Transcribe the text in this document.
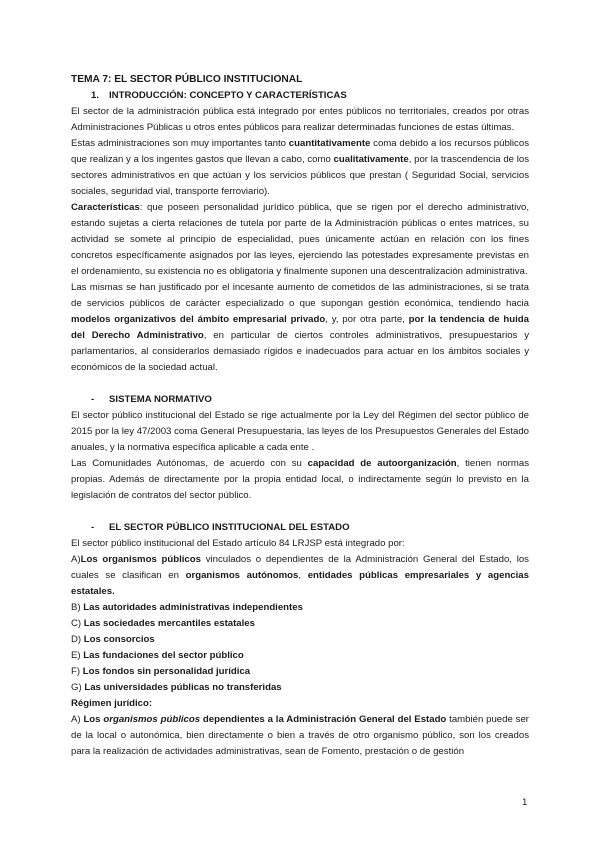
TEMA 7: EL SECTOR PÚBLICO INSTITUCIONAL

1. INTRODUCCIÓN: CONCEPTO Y CARACTERÍSTICAS

El sector de la administración pública está integrado por entes públicos no territoriales, creados por otras Administraciones Públicas u otros entes públicos para realizar determinadas funciones de estas últimas.

Estas administraciones son muy importantes tanto cuantitativamente coma debido a los recursos públicos que realizan y a los ingentes gastos que llevan a cabo, como cualitativamente, por la trascendencia de los sectores administrativos en que actúan y los servicios públicos que prestan ( Seguridad Social, servicios sociales, seguridad vial, transporte ferroviario).

Características: que poseen personalidad jurídico pública, que se rigen por el derecho administrativo, estando sujetas a cierta relaciones de tutela por parte de la Administración públicas o entes matrices, su actividad se somete al principio de especialidad, pues únicamente actúan en relación con los fines concretos específicamente asignados por las leyes, ejerciendo las potestades expresamente previstas en el ordenamiento, su existencia no es obligatoria y finalmente suponen una descentralización administrativa.

Las mismas se han justificado por el incesante aumento de cometidos de las administraciones, si se trata de servicios públicos de carácter especializado o que supongan gestión económica, tendiendo hacia modelos organizativos del ámbito empresarial privado, y, por otra parte, por la tendencia de huida del Derecho Administrativo, en particular de ciertos controles administrativos, presupuestarios y parlamentarios, al considerarlos demasiado rígidos e inadecuados para actuar en los ámbitos sociales y económicos de la sociedad actual.

- SISTEMA NORMATIVO

El sector público institucional del Estado se rige actualmente por la Ley del Régimen del sector público de 2015 por la ley 47/2003 coma General Presupuestaria, las leyes de los Presupuestos Generales del Estado anuales, y la normativa específica aplicable a cada ente .

Las Comunidades Autónomas, de acuerdo con su capacidad de autoorganización, tienen normas propias. Además de directamente por la propia entidad local, o indirectamente según lo previsto en la legislación de contratos del sector público.

- EL SECTOR PÚBLICO INSTITUCIONAL DEL ESTADO

El sector público institucional del Estado artículo 84 LRJSP está integrado por:

A)Los organismos públicos vinculados o dependientes de la Administración General del Estado, los cuales se clasifican en organismos autónomos, entidades públicas empresariales y agencias estatales.

B) Las autoridades administrativas independientes

C) Las sociedades mercantiles estatales

D) Los consorcios

E) Las fundaciones del sector público

F) Los fondos sin personalidad jurídica

G) Las universidades públicas no transferidas

Régimen jurídico:

A) Los organismos públicos dependientes a la Administración General del Estado también puede ser de la local o autonómica, bien directamente o bien a través de otro organismo público, son los creados para la realización de actividades administrativas, sean de Fomento, prestación o de gestión

1
